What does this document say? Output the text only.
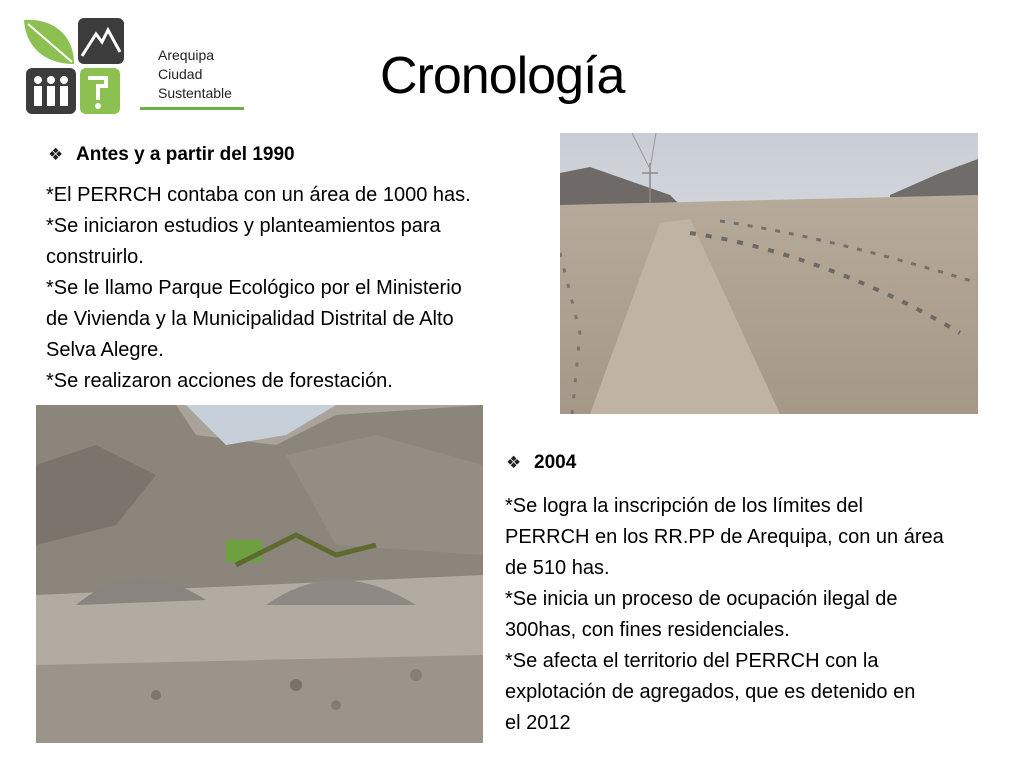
Arequipa
Ciudad
Sustentable	Cronología
❖ Antes y a partir del 1990
*El PERRCH contaba con un área de 1000 has.
*Se iniciaron estudios y planteamientos para
construirlo.
*Se le llamo Parque Ecológico por el Ministerio
de Vivienda y la Municipalidad Distrital de Alto
Selva Alegre.
*Se realizaron acciones de forestación.
❖ 2004
*Se logra la inscripción de los límites del
PERRCH en los RR.PP de Arequipa, con un área
de 510 has.
*Se inicia un proceso de ocupación ilegal de
300has, con fines residenciales.
*Se afecta el territorio del PERRCH con la
explotación de agregados, que es detenido en
el 2012
